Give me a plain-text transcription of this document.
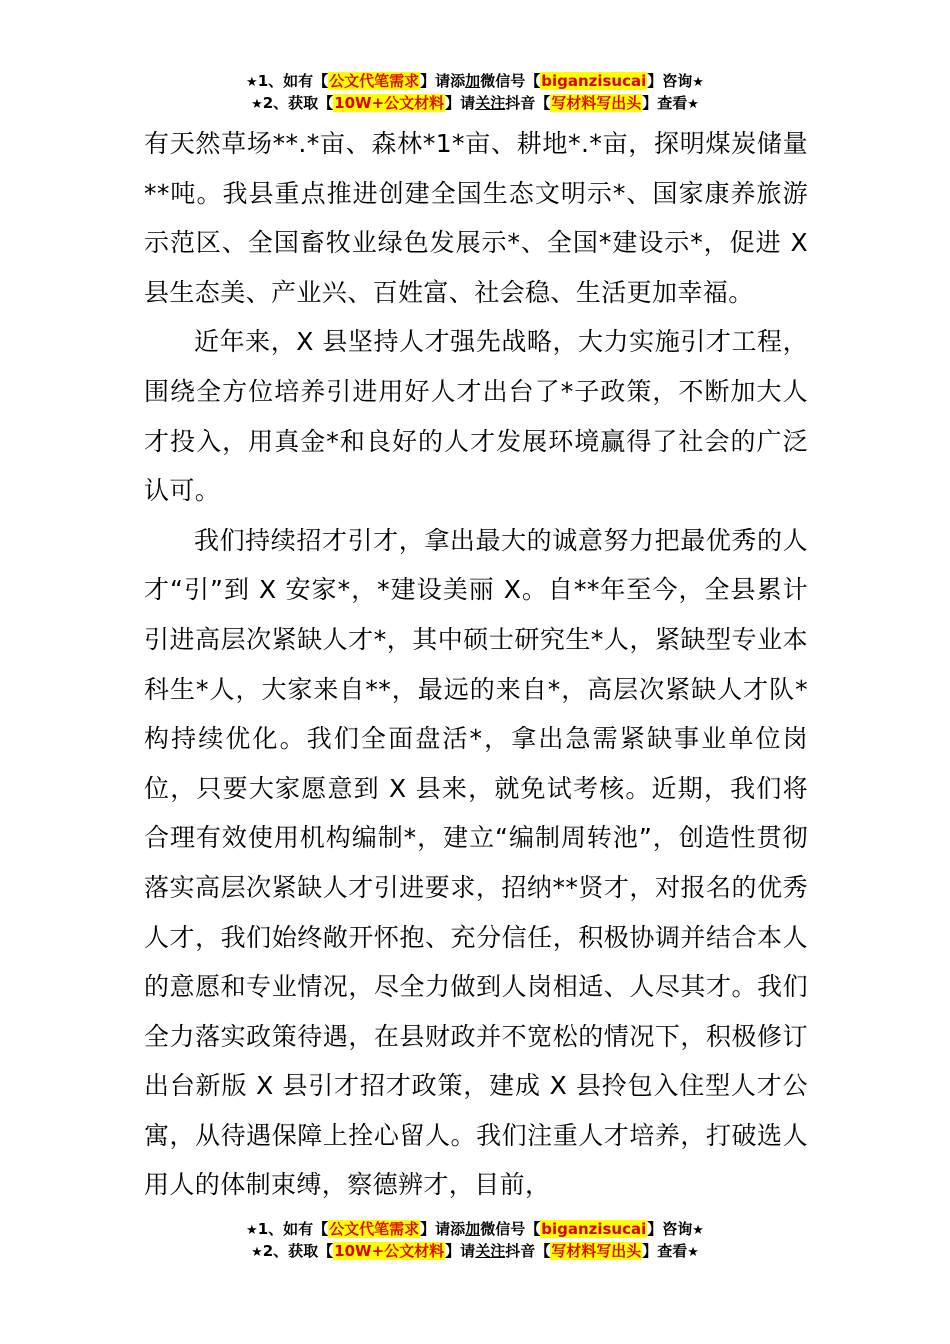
★1、如有【公文代笔需求】请添加微信号【biganzisucai】咨询★
★2、获取【10W+公文材料】请关注抖音【写材料写出头】查看★

有天然草场**.*亩、森林*1*亩、耕地*.*亩，探明煤炭储量**吨。我县重点推进创建全国生态文明示*、国家康养旅游示范区、全国畜牧业绿色发展示*、全国*建设示*，促进 X 县生态美、产业兴、百姓富、社会稳、生活更加幸福。

近年来，X 县坚持人才强先战略，大力实施引才工程，围绕全方位培养引进用好人才出台了*子政策，不断加大人才投入，用真金*和良好的人才发展环境赢得了社会的广泛认可。

我们持续招才引才，拿出最大的诚意努力把最优秀的人才“引”到 X 安家*，*建设美丽 X。自**年至今，全县累计引进高层次紧缺人才*，其中硕士研究生*人，紧缺型专业本科生*人，大家来自**，最远的来自*，高层次紧缺人才队*构持续优化。我们全面盘活*，拿出急需紧缺事业单位岗位，只要大家愿意到 X 县来，就免试考核。近期，我们将合理有效使用机构编制*，建立“编制周转池”，创造性贯彻落实高层次紧缺人才引进要求，招纳**贤才，对报名的优秀人才，我们始终敞开怀抱、充分信任，积极协调并结合本人的意愿和专业情况，尽全力做到人岗相适、人尽其才。我们全力落实政策待遇，在县财政并不宽松的情况下，积极修订出台新版 X 县引才招才政策，建成 X 县拎包入住型人才公寓，从待遇保障上拴心留人。我们注重人才培养，打破选人用人的体制束缚，察德辨才，目前，

★1、如有【公文代笔需求】请添加微信号【biganzisucai】咨询★
★2、获取【10W+公文材料】请关注抖音【写材料写出头】查看★
